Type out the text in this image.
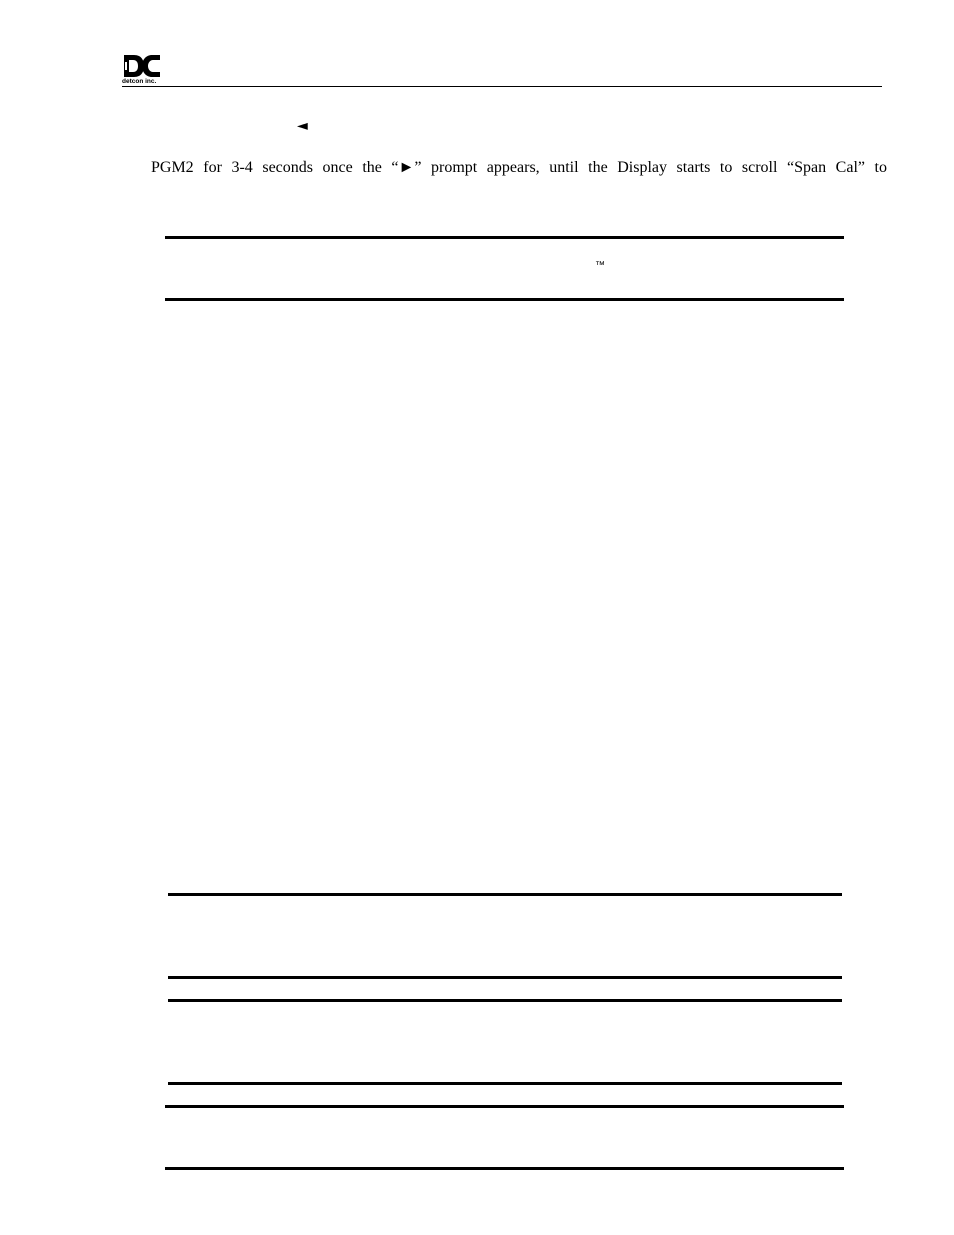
detcon inc.
◄
PGM2 for 3-4 seconds once the “►” prompt appears, until the Display starts to scroll “Span Cal” to
™
